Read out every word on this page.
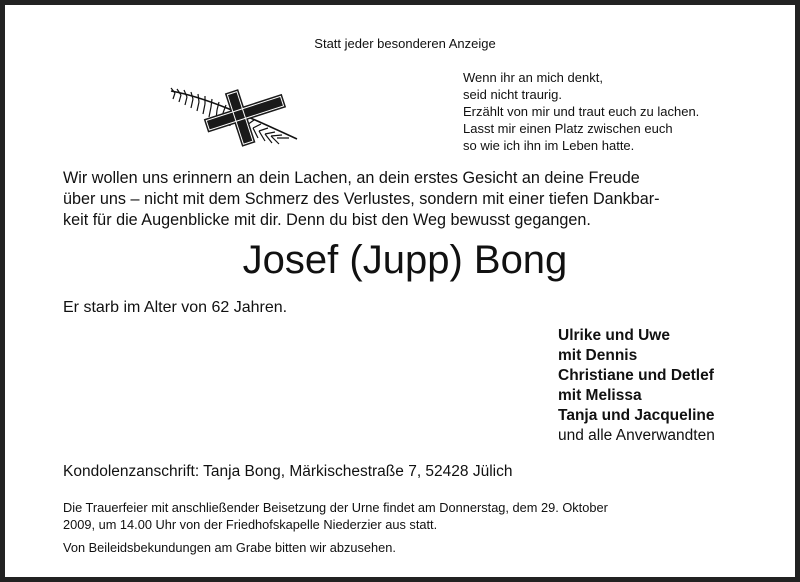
Statt jeder besonderen Anzeige
Wenn ihr an mich denkt,
seid nicht traurig.
Erzählt von mir und traut euch zu lachen.
Lasst mir einen Platz zwischen euch
so wie ich ihn im Leben hatte.
Wir wollen uns erinnern an dein Lachen, an dein erstes Gesicht an deine Freude
über uns – nicht mit dem Schmerz des Verlustes, sondern mit einer tiefen Dankbar-
keit für die Augenblicke mit dir. Denn du bist den Weg bewusst gegangen.
Josef (Jupp) Bong
Er starb im Alter von 62 Jahren.
Ulrike und Uwe
mit Dennis
Christiane und Detlef
mit Melissa
Tanja und Jacqueline
und alle Anverwandten
Kondolenzanschrift: Tanja Bong, Märkischestraße 7, 52428 Jülich
Die Trauerfeier mit anschließender Beisetzung der Urne findet am Donnerstag, dem 29. Oktober
2009, um 14.00 Uhr von der Friedhofskapelle Niederzier aus statt.
Von Beileidsbekundungen am Grabe bitten wir abzusehen.
